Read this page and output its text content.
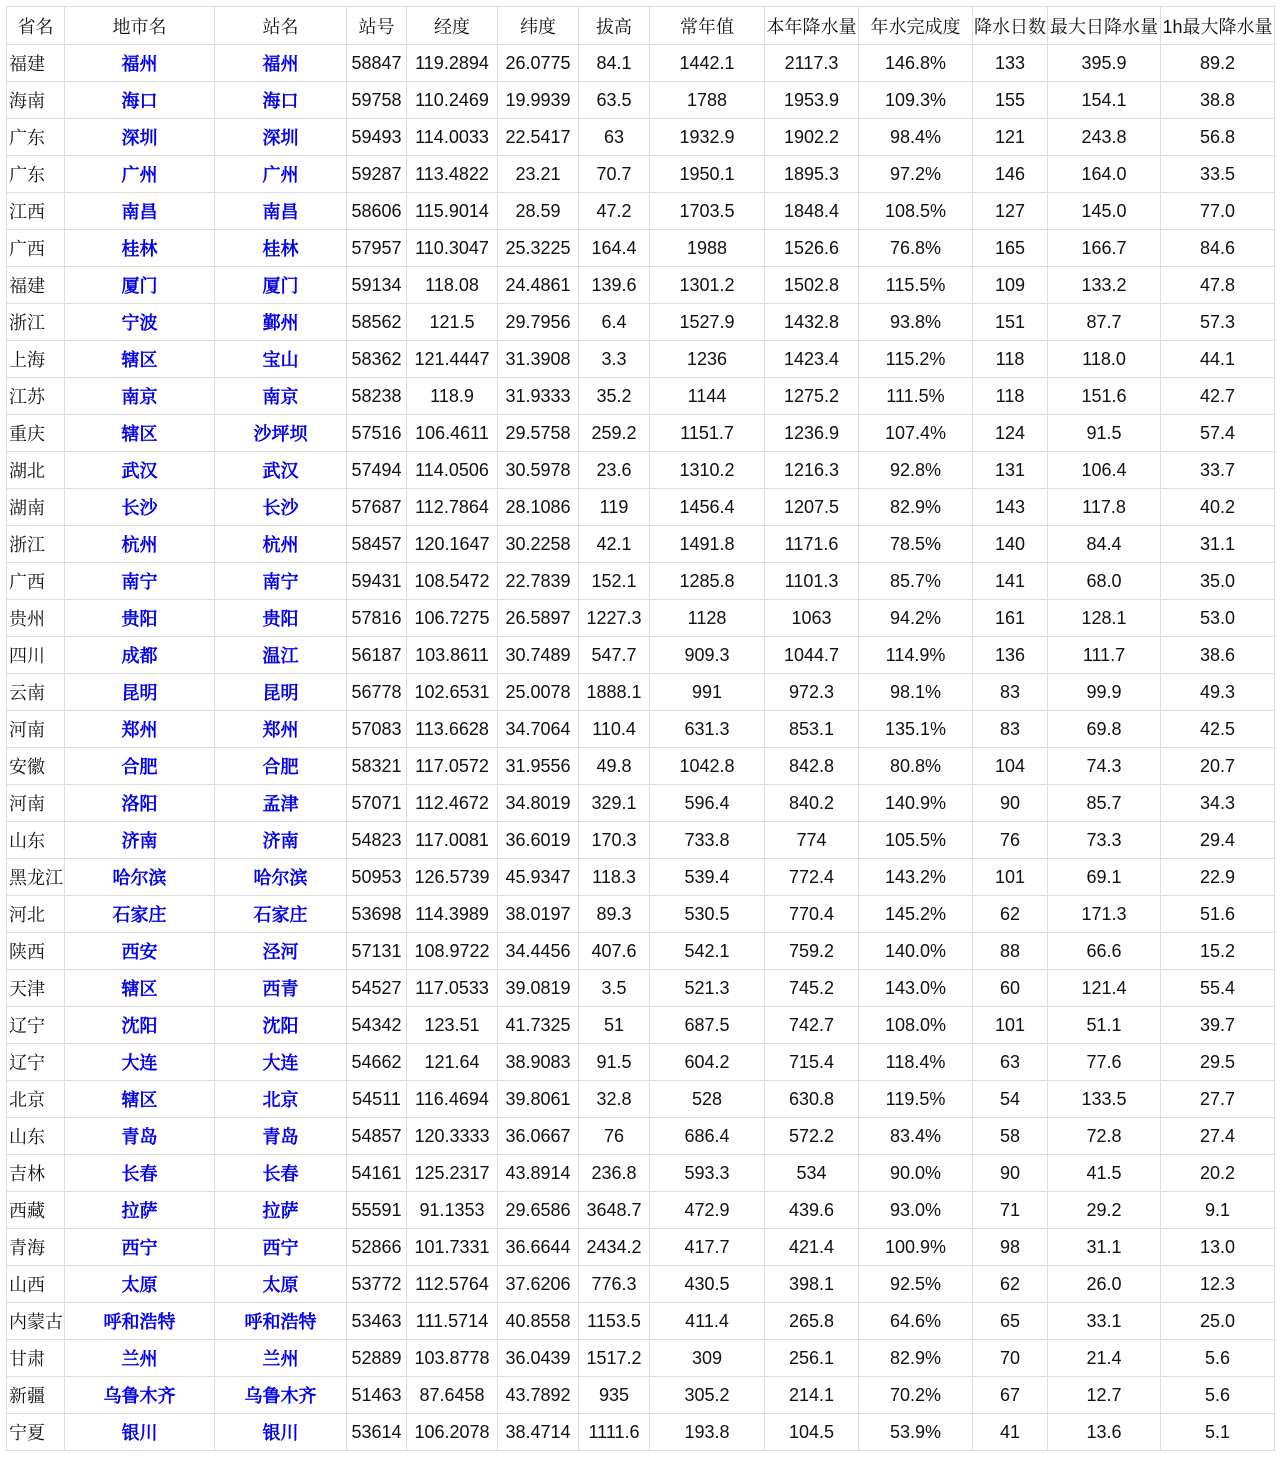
省名	地市名	站名	站号	经度	纬度	拔高	常年值	本年降水量	年水完成度	降水日数	最大日降水量	1h最大降水量
福建	福州	福州	58847	119.2894	26.0775	84.1	1442.1	2117.3	146.8%	133	395.9	89.2
海南	海口	海口	59758	110.2469	19.9939	63.5	1788	1953.9	109.3%	155	154.1	38.8
广东	深圳	深圳	59493	114.0033	22.5417	63	1932.9	1902.2	98.4%	121	243.8	56.8
广东	广州	广州	59287	113.4822	23.21	70.7	1950.1	1895.3	97.2%	146	164.0	33.5
江西	南昌	南昌	58606	115.9014	28.59	47.2	1703.5	1848.4	108.5%	127	145.0	77.0
广西	桂林	桂林	57957	110.3047	25.3225	164.4	1988	1526.6	76.8%	165	166.7	84.6
福建	厦门	厦门	59134	118.08	24.4861	139.6	1301.2	1502.8	115.5%	109	133.2	47.8
浙江	宁波	鄞州	58562	121.5	29.7956	6.4	1527.9	1432.8	93.8%	151	87.7	57.3
上海	辖区	宝山	58362	121.4447	31.3908	3.3	1236	1423.4	115.2%	118	118.0	44.1
江苏	南京	南京	58238	118.9	31.9333	35.2	1144	1275.2	111.5%	118	151.6	42.7
重庆	辖区	沙坪坝	57516	106.4611	29.5758	259.2	1151.7	1236.9	107.4%	124	91.5	57.4
湖北	武汉	武汉	57494	114.0506	30.5978	23.6	1310.2	1216.3	92.8%	131	106.4	33.7
湖南	长沙	长沙	57687	112.7864	28.1086	119	1456.4	1207.5	82.9%	143	117.8	40.2
浙江	杭州	杭州	58457	120.1647	30.2258	42.1	1491.8	1171.6	78.5%	140	84.4	31.1
广西	南宁	南宁	59431	108.5472	22.7839	152.1	1285.8	1101.3	85.7%	141	68.0	35.0
贵州	贵阳	贵阳	57816	106.7275	26.5897	1227.3	1128	1063	94.2%	161	128.1	53.0
四川	成都	温江	56187	103.8611	30.7489	547.7	909.3	1044.7	114.9%	136	111.7	38.6
云南	昆明	昆明	56778	102.6531	25.0078	1888.1	991	972.3	98.1%	83	99.9	49.3
河南	郑州	郑州	57083	113.6628	34.7064	110.4	631.3	853.1	135.1%	83	69.8	42.5
安徽	合肥	合肥	58321	117.0572	31.9556	49.8	1042.8	842.8	80.8%	104	74.3	20.7
河南	洛阳	孟津	57071	112.4672	34.8019	329.1	596.4	840.2	140.9%	90	85.7	34.3
山东	济南	济南	54823	117.0081	36.6019	170.3	733.8	774	105.5%	76	73.3	29.4
黑龙江	哈尔滨	哈尔滨	50953	126.5739	45.9347	118.3	539.4	772.4	143.2%	101	69.1	22.9
河北	石家庄	石家庄	53698	114.3989	38.0197	89.3	530.5	770.4	145.2%	62	171.3	51.6
陕西	西安	泾河	57131	108.9722	34.4456	407.6	542.1	759.2	140.0%	88	66.6	15.2
天津	辖区	西青	54527	117.0533	39.0819	3.5	521.3	745.2	143.0%	60	121.4	55.4
辽宁	沈阳	沈阳	54342	123.51	41.7325	51	687.5	742.7	108.0%	101	51.1	39.7
辽宁	大连	大连	54662	121.64	38.9083	91.5	604.2	715.4	118.4%	63	77.6	29.5
北京	辖区	北京	54511	116.4694	39.8061	32.8	528	630.8	119.5%	54	133.5	27.7
山东	青岛	青岛	54857	120.3333	36.0667	76	686.4	572.2	83.4%	58	72.8	27.4
吉林	长春	长春	54161	125.2317	43.8914	236.8	593.3	534	90.0%	90	41.5	20.2
西藏	拉萨	拉萨	55591	91.1353	29.6586	3648.7	472.9	439.6	93.0%	71	29.2	9.1
青海	西宁	西宁	52866	101.7331	36.6644	2434.2	417.7	421.4	100.9%	98	31.1	13.0
山西	太原	太原	53772	112.5764	37.6206	776.3	430.5	398.1	92.5%	62	26.0	12.3
内蒙古	呼和浩特	呼和浩特	53463	111.5714	40.8558	1153.5	411.4	265.8	64.6%	65	33.1	25.0
甘肃	兰州	兰州	52889	103.8778	36.0439	1517.2	309	256.1	82.9%	70	21.4	5.6
新疆	乌鲁木齐	乌鲁木齐	51463	87.6458	43.7892	935	305.2	214.1	70.2%	67	12.7	5.6
宁夏	银川	银川	53614	106.2078	38.4714	1111.6	193.8	104.5	53.9%	41	13.6	5.1
